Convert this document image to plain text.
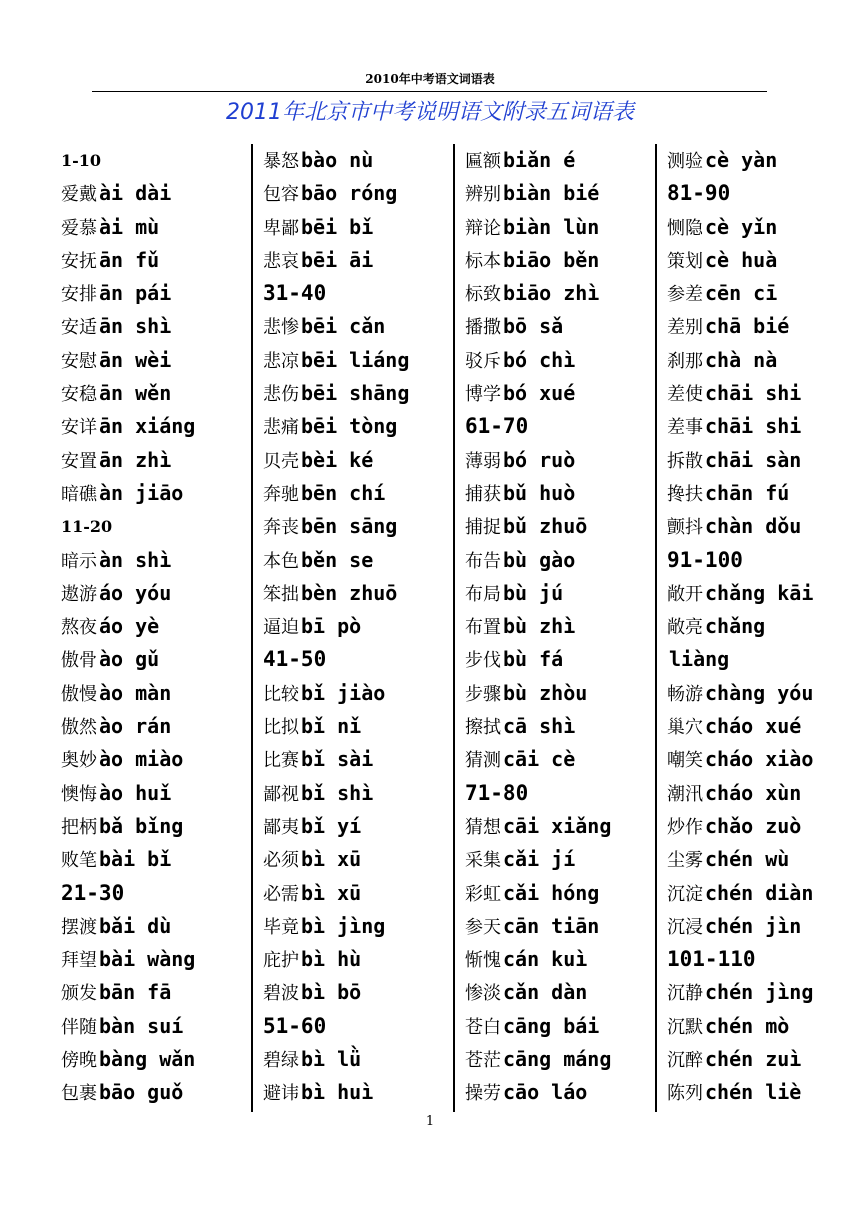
2010年中考语文词语表
2011年北京市中考说明语文附录五词语表
1-10
爱戴 ài dài
爱慕 ài mù
安抚 ān fǔ
安排 ān pái
安适 ān shì
安慰 ān wèi
安稳 ān wěn
安详 ān xiáng
安置 ān zhì
暗礁 àn jiāo
11-20
暗示 àn shì
遨游 áo yóu
熬夜 áo yè
傲骨 ào gǔ
傲慢 ào màn
傲然 ào rán
奥妙 ào miào
懊悔 ào huǐ
把柄 bǎ bǐng
败笔 bài bǐ
21-30
摆渡 bǎi dù
拜望 bài wàng
颁发 bān fā
伴随 bàn suí
傍晚 bàng wǎn
包裹 bāo guǒ
暴怒 bào nù
包容 bāo róng
卑鄙 bēi bǐ
悲哀 bēi āi
31-40
悲惨 bēi cǎn
悲凉 bēi liáng
悲伤 bēi shāng
悲痛 bēi tòng
贝壳 bèi ké
奔驰 bēn chí
奔丧 bēn sāng
本色 běn se
笨拙 bèn zhuō
逼迫 bī pò
41-50
比较 bǐ jiào
比拟 bǐ nǐ
比赛 bǐ sài
鄙视 bǐ shì
鄙夷 bǐ yí
必须 bì xū
必需 bì xū
毕竟 bì jìng
庇护 bì hù
碧波 bì bō
51-60
碧绿 bì lǜ
避讳 bì huì
匾额 biǎn é
辨别 biàn bié
辩论 biàn lùn
标本 biāo běn
标致 biāo zhì
播撒 bō sǎ
驳斥 bó chì
博学 bó xué
61-70
薄弱 bó ruò
捕获 bǔ huò
捕捉 bǔ zhuō
布告 bù gào
布局 bù jú
布置 bù zhì
步伐 bù fá
步骤 bù zhòu
擦拭 cā shì
猜测 cāi cè
71-80
猜想 cāi xiǎng
采集 cǎi jí
彩虹 cǎi hóng
参天 cān tiān
惭愧 cán kuì
惨淡 cǎn dàn
苍白 cāng bái
苍茫 cāng máng
操劳 cāo láo
测验 cè yàn
81-90
恻隐 cè yǐn
策划 cè huà
参差 cēn cī
差别 chā bié
刹那 chà nà
差使 chāi shi
差事 chāi shi
拆散 chāi sàn
搀扶 chān fú
颤抖 chàn dǒu
91-100
敞开 chǎng kāi
敞亮 chǎng
liàng
畅游 chàng yóu
巢穴 cháo xué
嘲笑 cháo xiào
潮汛 cháo xùn
炒作 chǎo zuò
尘雾 chén wù
沉淀 chén diàn
沉浸 chén jìn
101-110
沉静 chén jìng
沉默 chén mò
沉醉 chén zuì
陈列 chén liè
1
